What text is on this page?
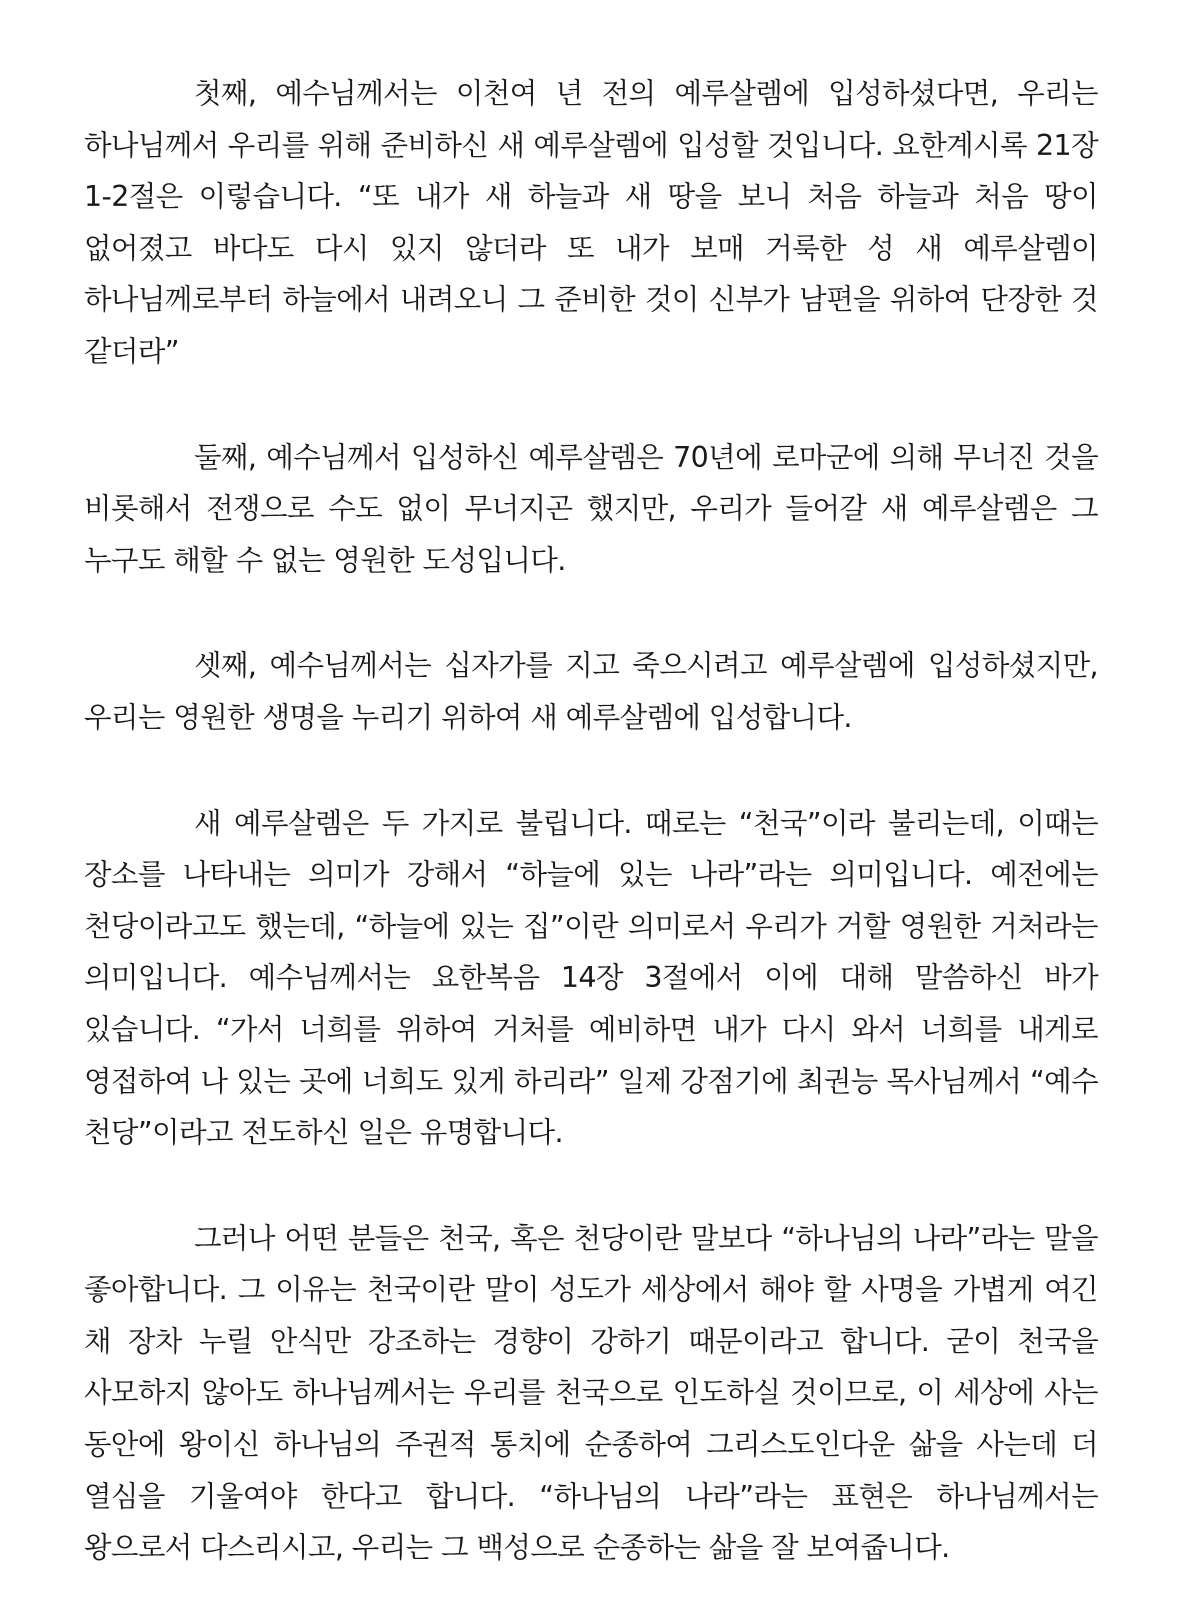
첫째, 예수님께서는 이천여 년 전의 예루살렘에 입성하셨다면, 우리는 하나님께서 우리를 위해 준비하신 새 예루살렘에 입성할 것입니다. 요한계시록 21장 1-2절은 이렇습니다. “또 내가 새 하늘과 새 땅을 보니 처음 하늘과 처음 땅이 없어졌고 바다도 다시 있지 않더라 또 내가 보매 거룩한 성 새 예루살렘이 하나님께로부터 하늘에서 내려오니 그 준비한 것이 신부가 남편을 위하여 단장한 것 같더라”

둘째, 예수님께서 입성하신 예루살렘은 70년에 로마군에 의해 무너진 것을 비롯해서 전쟁으로 수도 없이 무너지곤 했지만, 우리가 들어갈 새 예루살렘은 그 누구도 해할 수 없는 영원한 도성입니다.

셋째, 예수님께서는 십자가를 지고 죽으시려고 예루살렘에 입성하셨지만, 우리는 영원한 생명을 누리기 위하여 새 예루살렘에 입성합니다.

새 예루살렘은 두 가지로 불립니다. 때로는 “천국”이라 불리는데, 이때는 장소를 나타내는 의미가 강해서 “하늘에 있는 나라”라는 의미입니다. 예전에는 천당이라고도 했는데, “하늘에 있는 집”이란 의미로서 우리가 거할 영원한 거처라는 의미입니다. 예수님께서는 요한복음 14장 3절에서 이에 대해 말씀하신 바가 있습니다. “가서 너희를 위하여 거처를 예비하면 내가 다시 와서 너희를 내게로 영접하여 나 있는 곳에 너희도 있게 하리라” 일제 강점기에 최권능 목사님께서 “예수 천당”이라고 전도하신 일은 유명합니다.

그러나 어떤 분들은 천국, 혹은 천당이란 말보다 “하나님의 나라”라는 말을 좋아합니다. 그 이유는 천국이란 말이 성도가 세상에서 해야 할 사명을 가볍게 여긴 채 장차 누릴 안식만 강조하는 경향이 강하기 때문이라고 합니다. 굳이 천국을 사모하지 않아도 하나님께서는 우리를 천국으로 인도하실 것이므로, 이 세상에 사는 동안에 왕이신 하나님의 주권적 통치에 순종하여 그리스도인다운 삶을 사는데 더 열심을 기울여야 한다고 합니다. “하나님의 나라”라는 표현은 하나님께서는 왕으로서 다스리시고, 우리는 그 백성으로 순종하는 삶을 잘 보여줍니다.
